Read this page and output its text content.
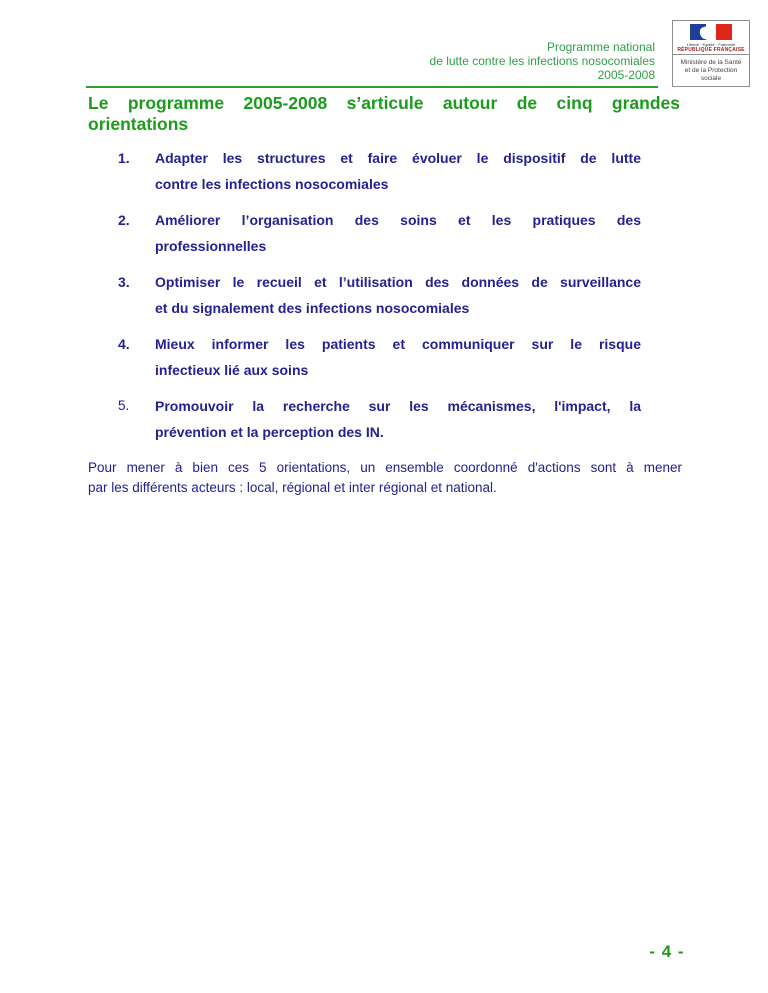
Programme national
de lutte contre les infections nosocomiales
2005-2008
Liberté · Égalité · Fraternité
RÉPUBLIQUE FRANÇAISE
Ministère de la Santé
et de la Protection sociale
Le programme 2005-2008 s’articule autour de cinq grandes
orientations
1.	Adapter les structures et faire évoluer le dispositif de lutte
contre les infections nosocomiales
2.	Améliorer l’organisation des soins et les pratiques des
professionnelles
3.	Optimiser le recueil et l’utilisation des données de surveillance
et du signalement des infections nosocomiales
4.	Mieux informer les patients et communiquer sur le risque
infectieux lié aux soins
5.	Promouvoir la recherche sur les mécanismes, l'impact, la
prévention et la perception des IN.
Pour mener à bien ces 5 orientations, un ensemble coordonné d'actions sont à mener
par les différents acteurs : local, régional et inter régional et national.
- 4 -
